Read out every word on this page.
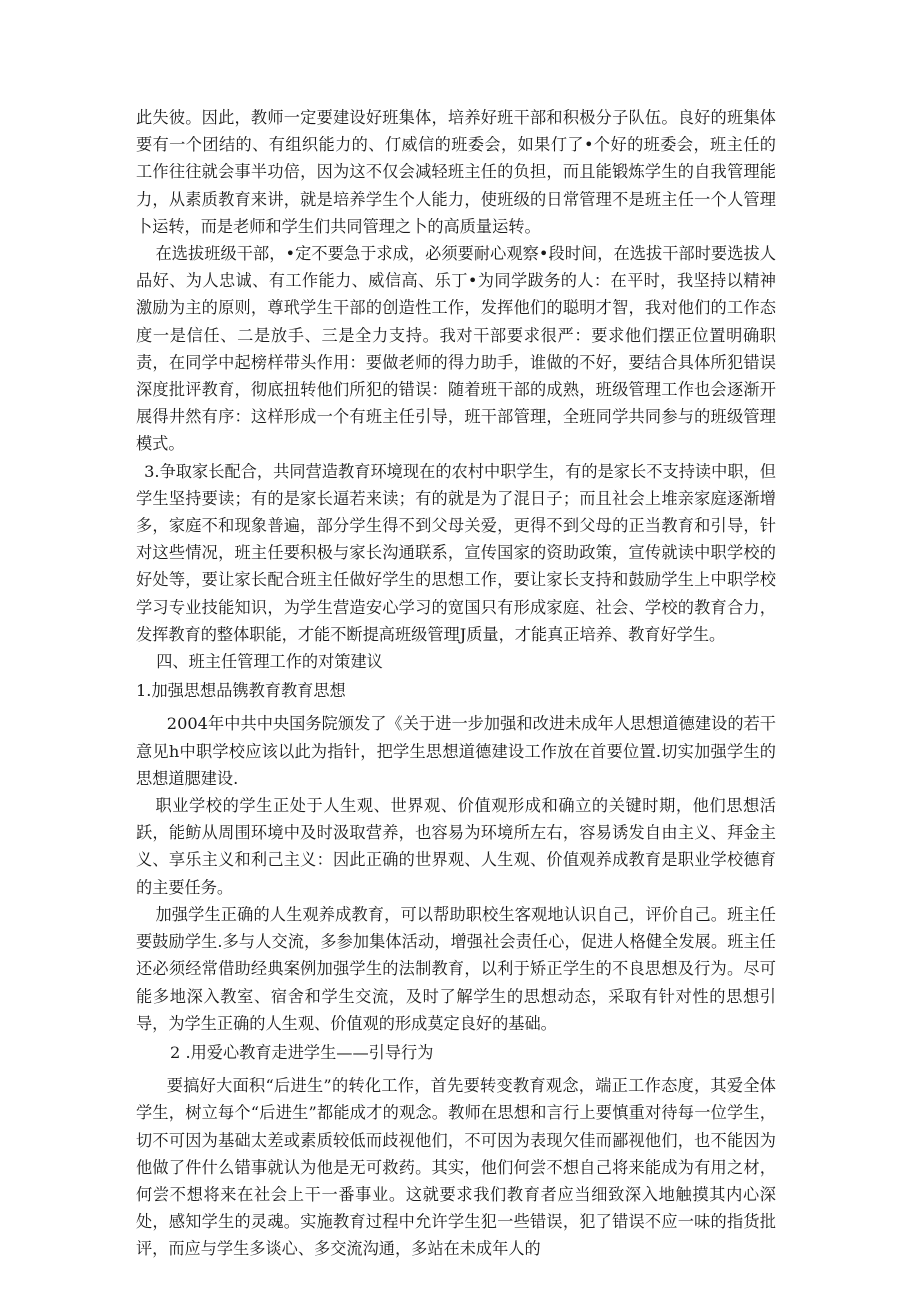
此失彼。因此，教师一定要建设好班集体，培养好班干部和积极分子队伍。良好的班集体要有一个团结的、有组织能力的、仃威信的班委会，如果仃了•个好的班委会，班主任的工作往往就会事半功倍，因为这不仅会减轻班主任的负担，而且能锻炼学生的自我管理能力，从素质教育来讲，就是培养学生个人能力，使班级的日常管理不是班主任一个人管理卜运转，而是老师和学生们共同管理之卜的高质量运转。

在选拔班级干部，•定不要急于求成，必须要耐心观察•段时间，在选拔干部时要选拔人品好、为人忠诚、有工作能力、威信高、乐丁•为同学跋务的人：在平时，我坚持以精神激励为主的原则，尊玳学生干部的创造性工作，发挥他们的聪明才智，我对他们的工作态度一是信任、二是放手、三是全力支持。我对干部要求很严：要求他们摆正位置明确职责，在同学中起榜样带头作用：要做老师的得力助手，谁做的不好，要结合具体所犯错误深度批评教育，彻底扭转他们所犯的错误：随着班干部的成熟，班级管理工作也会逐渐开展得井然有序：这样形成一个有班主任引导，班干部管理，全班同学共同参与的班级管理模式。

3.争取家长配合，共同营造教育环境现在的农村中职学生，有的是家长不支持读中职，但学生坚持要读；有的是家长逼若来读；有的就是为了混日子；而且社会上堆亲家庭逐渐增多，家庭不和现象普遍，部分学生得不到父母关爱，更得不到父母的正当教育和引导，针对这些情况，班主任要积极与家长沟通联系，宣传国家的资助政策，宣传就读中职学校的好处等，要让家长配合班主任做好学生的思想工作，要让家长支持和鼓励学生上中职学校学习专业技能知识，为学生营造安心学习的宽国只有形成家庭、社会、学校的教育合力，发挥教育的整体职能，才能不断提高班级管理J质量，才能真正培养、教育好学生。

四、班主任管理工作的对策建议

1.加强思想品镌教育教育思想

2004年中共中央国务院颁发了《关于进一步加强和改进未成年人思想道德建设的若干意见h中职学校应该以此为指针，把学生思想道德建设工作放在首要位置.切实加强学生的思想道腮建设.

职业学校的学生正处于人生观、世界观、价值观形成和确立的关键时期，他们思想活跃，能鲂从周围环境中及时汲取营养，也容易为环境所左右，容易诱发自由主义、拜金主义、享乐主义和利己主义：因此正确的世界观、人生观、价值观养成教育是职业学校德育的主要任务。

加强学生正确的人生观养成教育，可以帮助职校生客观地认识自己，评价自己。班主任要鼓励学生.多与人交流，多参加集体活动，增强社会责任心，促进人格健全发展。班主任还必须经常借助经典案例加强学生的法制教育，以利于矫正学生的不良思想及行为。尽可能多地深入教室、宿舍和学生交流，及时了解学生的思想动态，采取有针对性的思想引导，为学生正确的人生观、价值观的形成莫定良好的基础。

2 .用爱心教育走进学生——引导行为

要搞好大面积“后进生”的转化工作，首先要转变教育观念，端正工作态度，其爱全体学生，树立每个“后进生”都能成才的观念。教师在思想和言行上要慎重对待每一位学生，切不可因为基础太差或素质较低而歧视他们，不可因为表现欠佳而鄙视他们，也不能因为他做了件什么错事就认为他是无可救药。其实，他们何尝不想自己将来能成为有用之材，何尝不想将来在社会上干一番事业。这就要求我们教育者应当细致深入地触摸其内心深处，感知学生的灵魂。实施教育过程中允许学生犯一些错误，犯了错误不应一味的指货批评，而应与学生多谈心、多交流沟通，多站在未成年人的
